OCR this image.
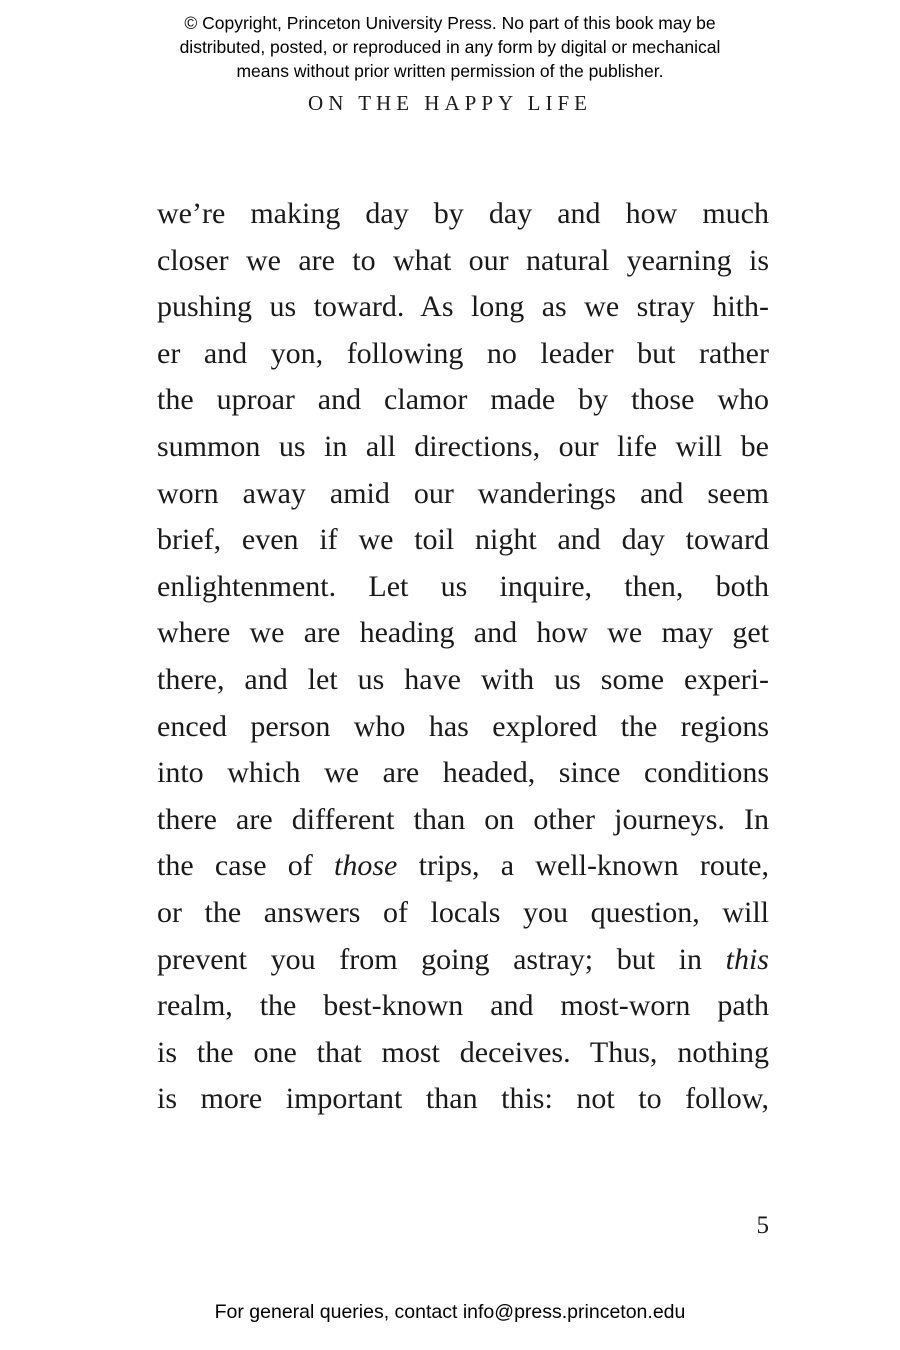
© Copyright, Princeton University Press. No part of this book may be
distributed, posted, or reproduced in any form by digital or mechanical
means without prior written permission of the publisher.
ON THE HAPPY LIFE
we’re making day by day and how much
closer we are to what our natural yearning is
pushing us toward. As long as we stray hith-
er and yon, following no leader but rather
the uproar and clamor made by those who
summon us in all directions, our life will be
worn away amid our wanderings and seem
brief, even if we toil night and day toward
enlightenment. Let us inquire, then, both
where we are heading and how we may get
there, and let us have with us some experi-
enced person who has explored the regions
into which we are headed, since conditions
there are different than on other journeys. In
the case of those trips, a well-known route,
or the answers of locals you question, will
prevent you from going astray; but in this
realm, the best-known and most-worn path
is the one that most deceives. Thus, nothing
is more important than this: not to follow,
5
For general queries, contact info@press.princeton.edu
